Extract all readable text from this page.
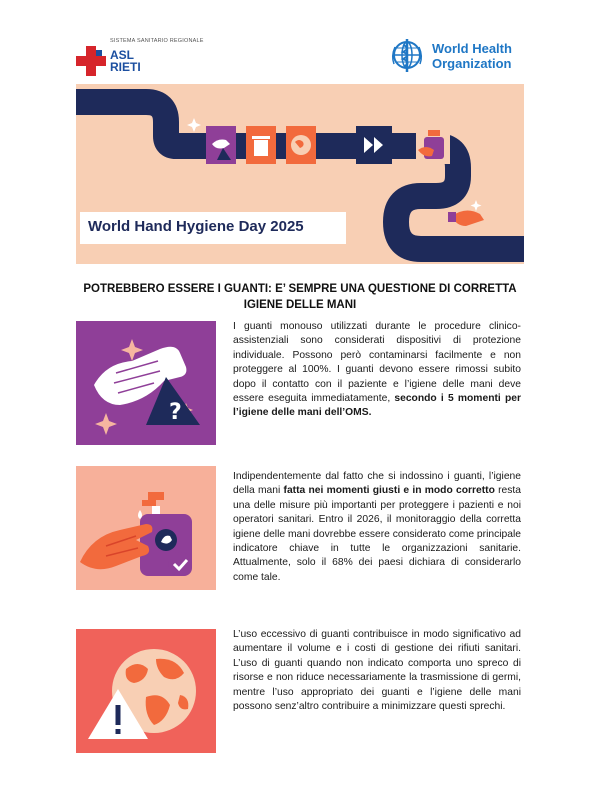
SISTEMA SANITARIO REGIONALE
ASL
RIETI
World Health
Organization
World Hand Hygiene Day 2025
POTREBBERO ESSERE I GUANTI: E’ SEMPRE UNA QUESTIONE DI CORRETTA
IGIENE DELLE MANI
?
I guanti monouso utilizzati durante le procedure clinico-assistenziali sono considerati dispositivi di protezione individuale. Possono però contaminarsi facilmente e non proteggere al 100%. I guanti devono essere rimossi subito dopo il contatto con il paziente e l’igiene delle mani deve essere eseguita immediatamente, secondo i 5 momenti per l’igiene delle mani dell’OMS.
Indipendentemente dal fatto che si indossino i guanti, l’igiene della mani fatta nei momenti giusti e in modo corretto resta una delle misure più importanti per proteggere i pazienti e noi operatori sanitari. Entro il 2026, il monitoraggio della corretta igiene delle mani dovrebbe essere considerato come principale indicatore chiave in tutte le organizzazioni sanitarie. Attualmente, solo il 68% dei paesi dichiara di considerarlo come tale.
L’uso eccessivo di guanti contribuisce in modo significativo ad aumentare il volume e i costi di gestione dei rifiuti sanitari. L’uso di guanti quando non indicato comporta uno spreco di risorse e non riduce necessariamente la trasmissione di germi, mentre l’uso appropriato dei guanti e l’igiene delle mani possono senz’altro contribuire a minimizzare questi sprechi.
